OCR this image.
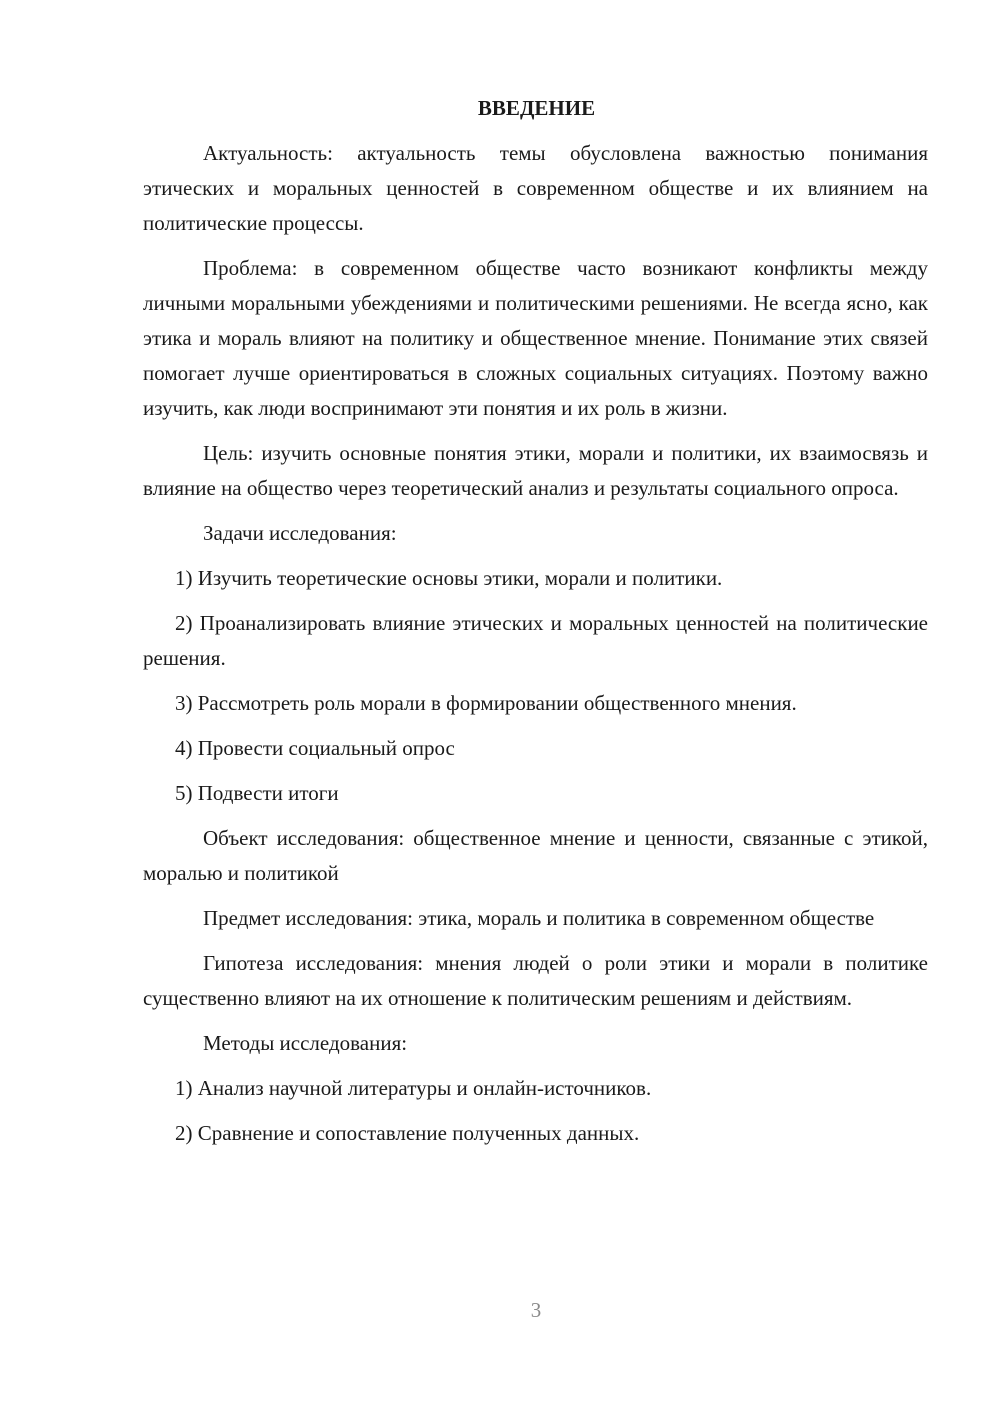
ВВЕДЕНИЕ

Актуальность: актуальность темы обусловлена важностью понимания этических и моральных ценностей в современном обществе и их влиянием на политические процессы.

Проблема: в современном обществе часто возникают конфликты между личными моральными убеждениями и политическими решениями. Не всегда ясно, как этика и мораль влияют на политику и общественное мнение. Понимание этих связей помогает лучше ориентироваться в сложных социальных ситуациях. Поэтому важно изучить, как люди воспринимают эти понятия и их роль в жизни.

Цель: изучить основные понятия этики, морали и политики, их взаимосвязь и влияние на общество через теоретический анализ и результаты социального опроса.

Задачи исследования:

1) Изучить теоретические основы этики, морали и политики.

2) Проанализировать влияние этических и моральных ценностей на политические решения.

3) Рассмотреть роль морали в формировании общественного мнения.

4) Провести социальный опрос

5) Подвести итоги

Объект исследования: общественное мнение и ценности, связанные с этикой, моралью и политикой

Предмет исследования: этика, мораль и политика в современном обществе

Гипотеза исследования: мнения людей о роли этики и морали в политике существенно влияют на их отношение к политическим решениям и действиям.

Методы исследования:

1) Анализ научной литературы и онлайн-источников.

2) Сравнение и сопоставление полученных данных.

3
